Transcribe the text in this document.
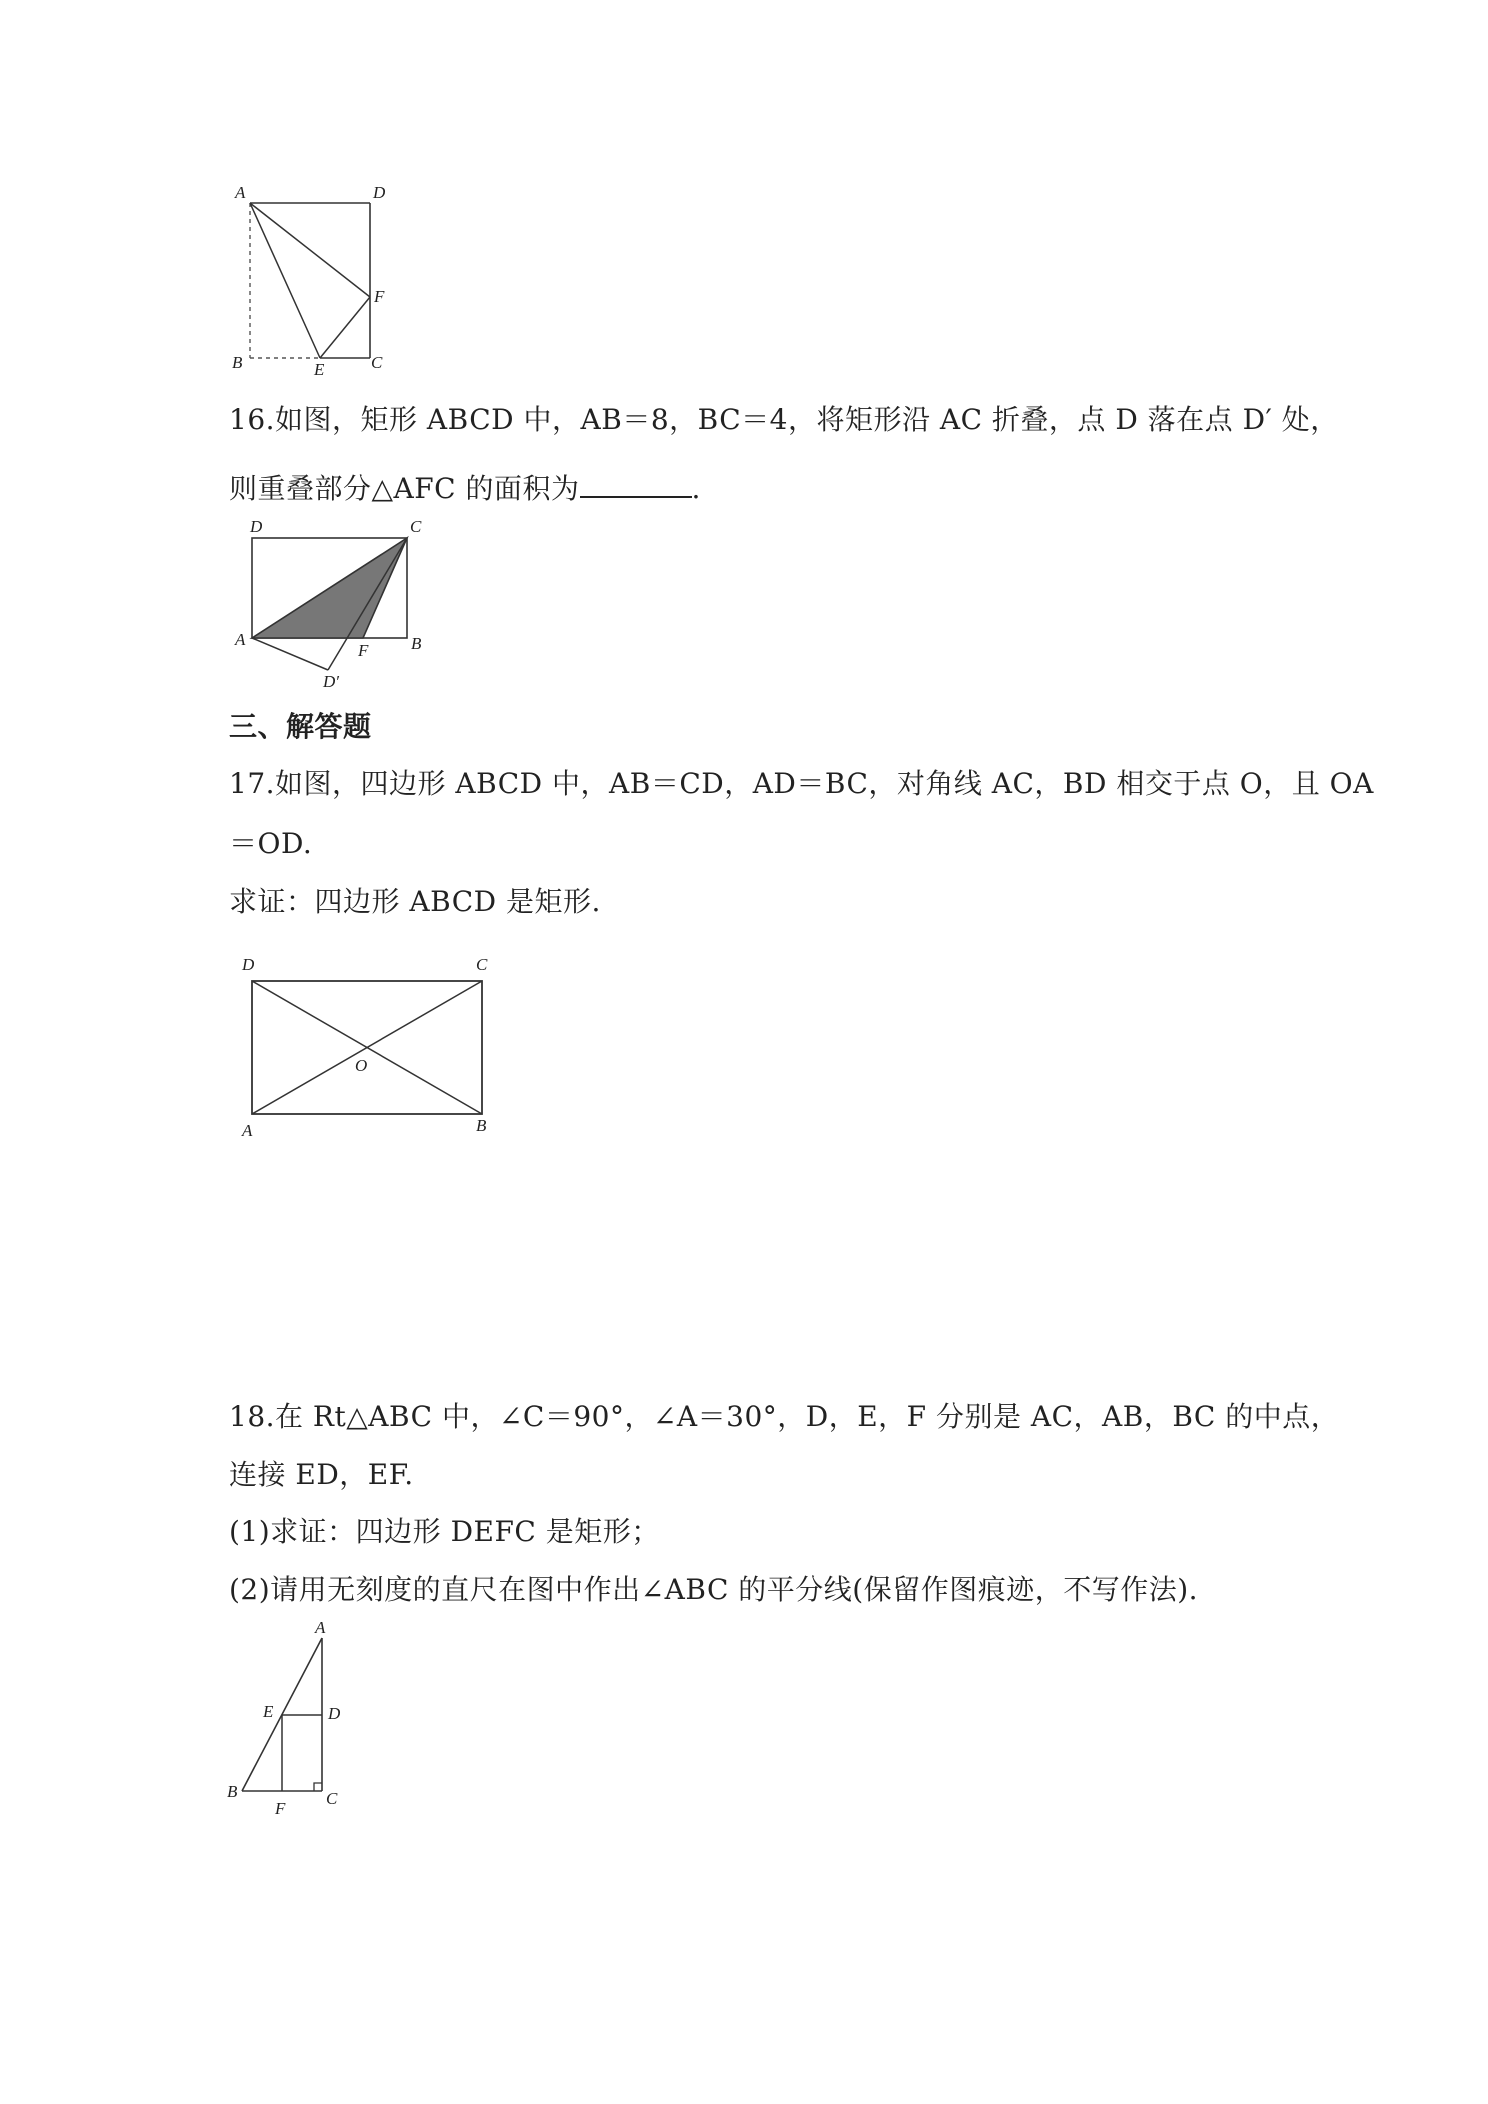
A	D
F
B	E	C
16.如图，矩形 ABCD 中，AB＝8，BC＝4，将矩形沿 AC 折叠，点 D 落在点 D′ 处，
则重叠部分△AFC 的面积为	.
D	C
A
F	B
D′
三、解答题
17.如图，四边形 ABCD 中，AB＝CD，AD＝BC，对角线 AC，BD 相交于点 O，且 OA
＝OD.
求证：四边形 ABCD 是矩形.
D	C
O
A	B
18.在 Rt△ABC 中，∠C＝90°，∠A＝30°，D，E，F 分别是 AC，AB，BC 的中点，
连接 ED，EF.
(1)求证：四边形 DEFC 是矩形；
(2)请用无刻度的直尺在图中作出∠ABC 的平分线(保留作图痕迹，不写作法).
A
E	D
B
F
C
